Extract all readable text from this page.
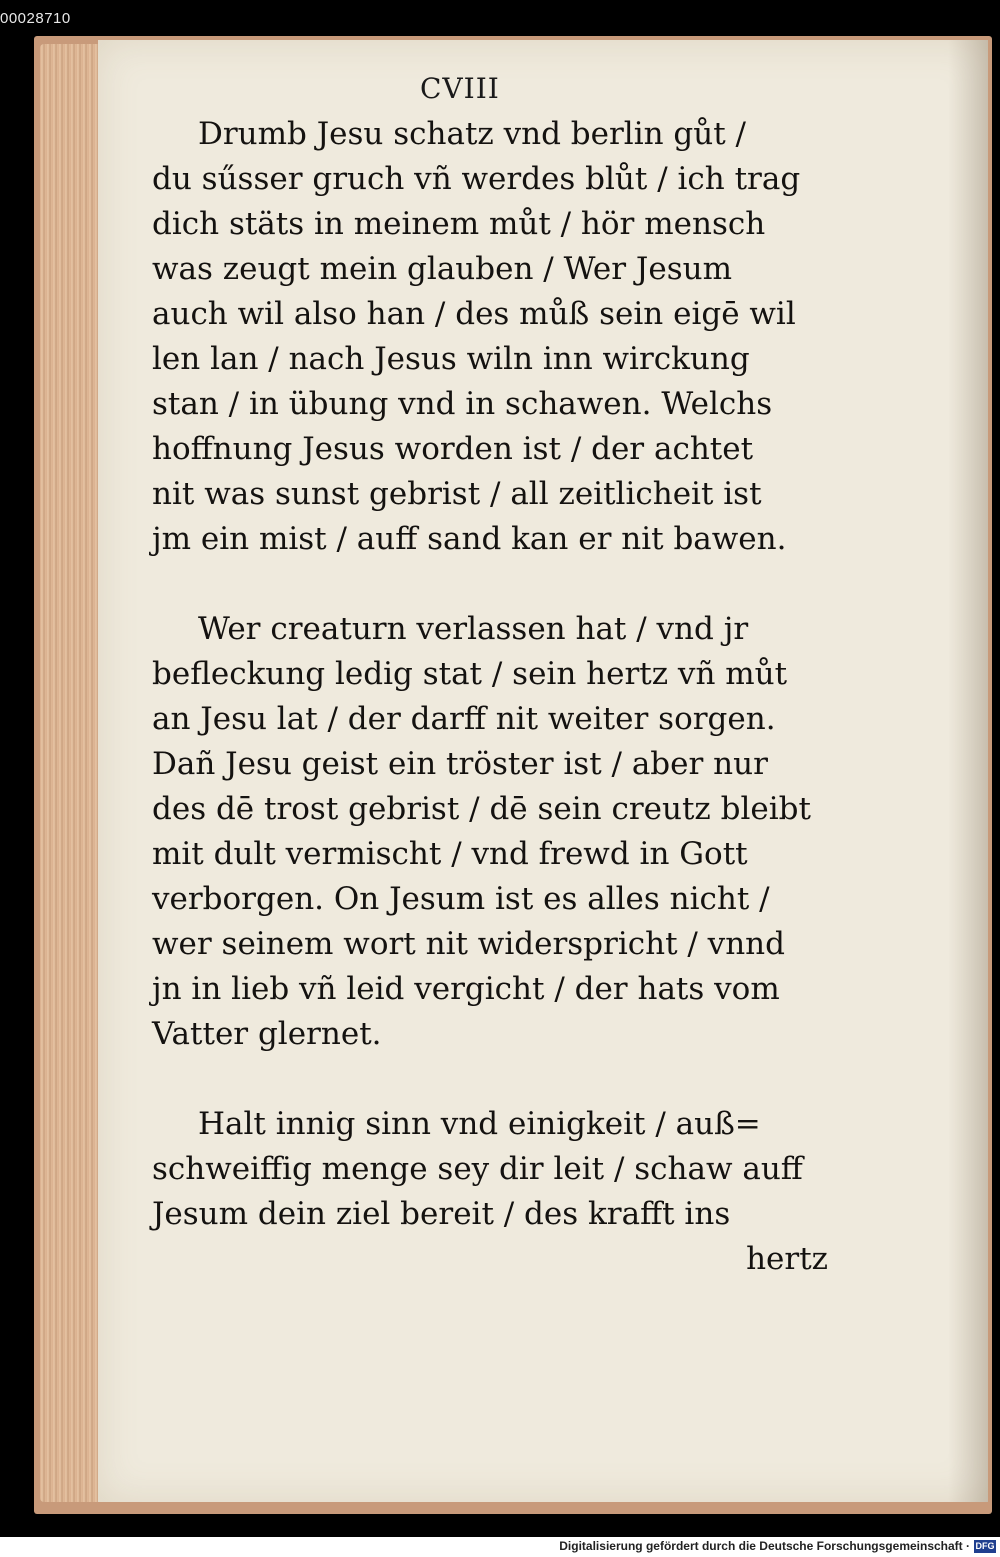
00028710
CVIII
Drumb Jesu schatz vnd berlin gůt /
du sűsser gruch vñ werdes blůt / ich trag
dich stäts in meinem můt / hör mensch
was zeugt mein glauben / Wer Jesum
auch wil also han / des můß sein eigē wil
len lan / nach Jesus wiln inn wirckung
stan / in übung vnd in schawen. Welchs
hoffnung Jesus worden ist / der achtet
nit was sunst gebrist / all zeitlicheit ist
jm ein mist / auff sand kan er nit bawen.
Wer creaturn verlassen hat / vnd jr
befleckung ledig stat / sein hertz vñ můt
an Jesu lat / der darff nit weiter sorgen.
Dañ Jesu geist ein tröster ist / aber nur
des dē trost gebrist / dē sein creutz bleibt
mit dult vermischt / vnd frewd in Gott
verborgen. On Jesum ist es alles nicht /
wer seinem wort nit widerspricht / vnnd
jn in lieb vñ leid vergicht / der hats vom
Vatter glernet.
Halt innig sinn vnd einigkeit / auß=
schweiffig menge sey dir leit / schaw auff
Jesum dein ziel bereit / des krafft ins
hertz
Digitalisierung gefördert durch die Deutsche Forschungsgemeinschaft · DFG
